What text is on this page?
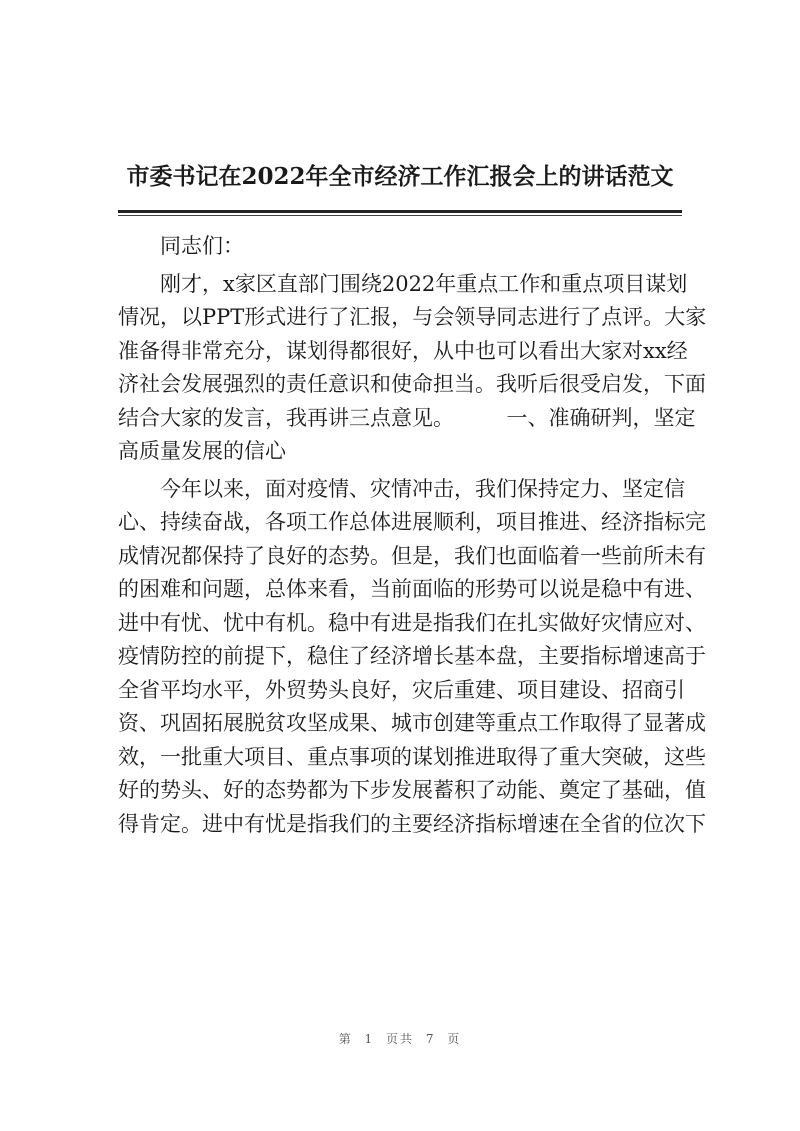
市委书记在2022年全市经济工作汇报会上的讲话范文
　　同志们：
　　刚才，x家区直部门围绕2022年重点工作和重点项目谋划
情况，以PPT形式进行了汇报，与会领导同志进行了点评。大家
准备得非常充分，谋划得都很好，从中也可以看出大家对xx经
济社会发展强烈的责任意识和使命担当。我听后很受启发，下面
结合大家的发言，我再讲三点意见。　　　一、准确研判，坚定
高质量发展的信心
　　今年以来，面对疫情、灾情冲击，我们保持定力、坚定信
心、持续奋战，各项工作总体进展顺利，项目推进、经济指标完
成情况都保持了良好的态势。但是，我们也面临着一些前所未有
的困难和问题，总体来看，当前面临的形势可以说是稳中有进、
进中有忧、忧中有机。稳中有进是指我们在扎实做好灾情应对、
疫情防控的前提下，稳住了经济增长基本盘，主要指标增速高于
全省平均水平，外贸势头良好，灾后重建、项目建设、招商引
资、巩固拓展脱贫攻坚成果、城市创建等重点工作取得了显著成
效，一批重大项目、重点事项的谋划推进取得了重大突破，这些
好的势头、好的态势都为下步发展蓄积了动能、奠定了基础，值
得肯定。进中有忧是指我们的主要经济指标增速在全省的位次下
第 1 页共 7 页
